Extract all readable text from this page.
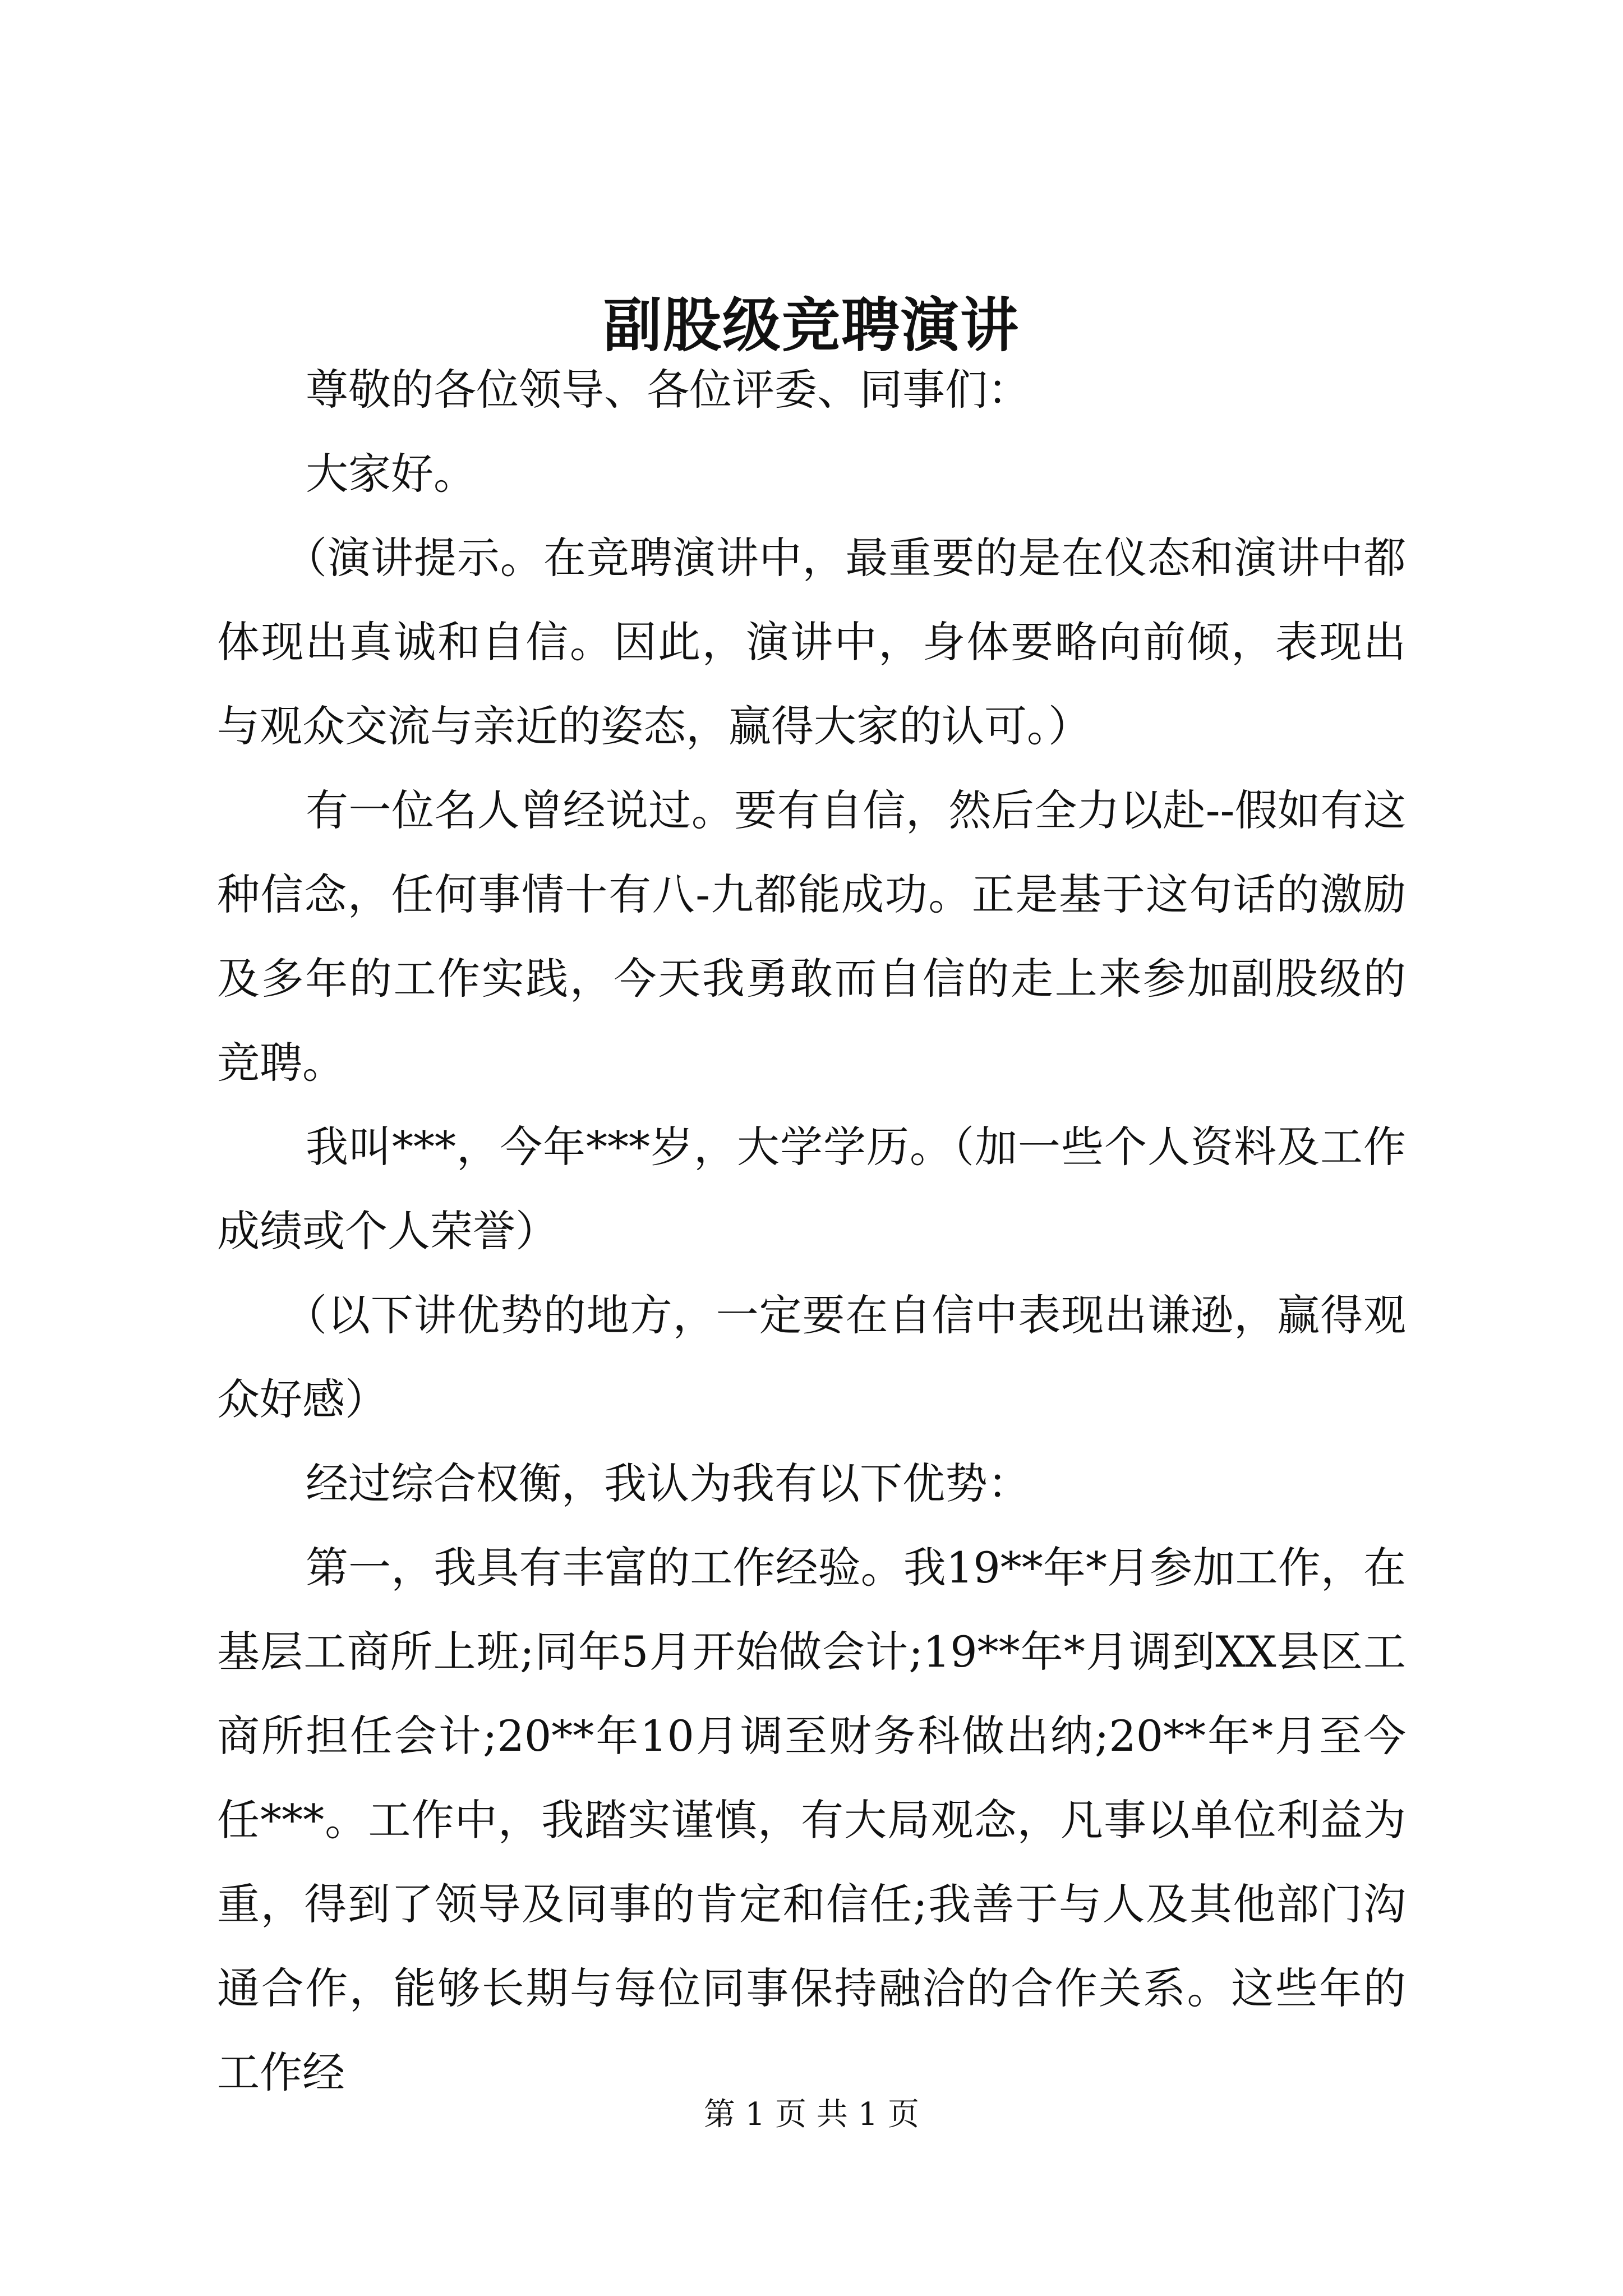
副股级竞聘演讲

尊敬的各位领导、各位评委、同事们：

大家好。

（演讲提示。在竞聘演讲中，最重要的是在仪态和演讲中都体现出真诚和自信。因此，演讲中，身体要略向前倾，表现出与观众交流与亲近的姿态，赢得大家的认可。）

有一位名人曾经说过。要有自信，然后全力以赴--假如有这种信念，任何事情十有八-九都能成功。正是基于这句话的激励及多年的工作实践，今天我勇敢而自信的走上来参加副股级的竞聘。

我叫***，今年***岁，大学学历。（加一些个人资料及工作成绩或个人荣誉）

（以下讲优势的地方，一定要在自信中表现出谦逊，赢得观众好感）

经过综合权衡，我认为我有以下优势：

第一，我具有丰富的工作经验。我19**年*月参加工作，在基层工商所上班;同年5月开始做会计;19**年*月调到XX县区工商所担任会计;20**年10月调至财务科做出纳;20**年*月至今任***。工作中，我踏实谨慎，有大局观念，凡事以单位利益为重，得到了领导及同事的肯定和信任;我善于与人及其他部门沟通合作，能够长期与每位同事保持融洽的合作关系。这些年的工作经

第 1 页 共 1 页
